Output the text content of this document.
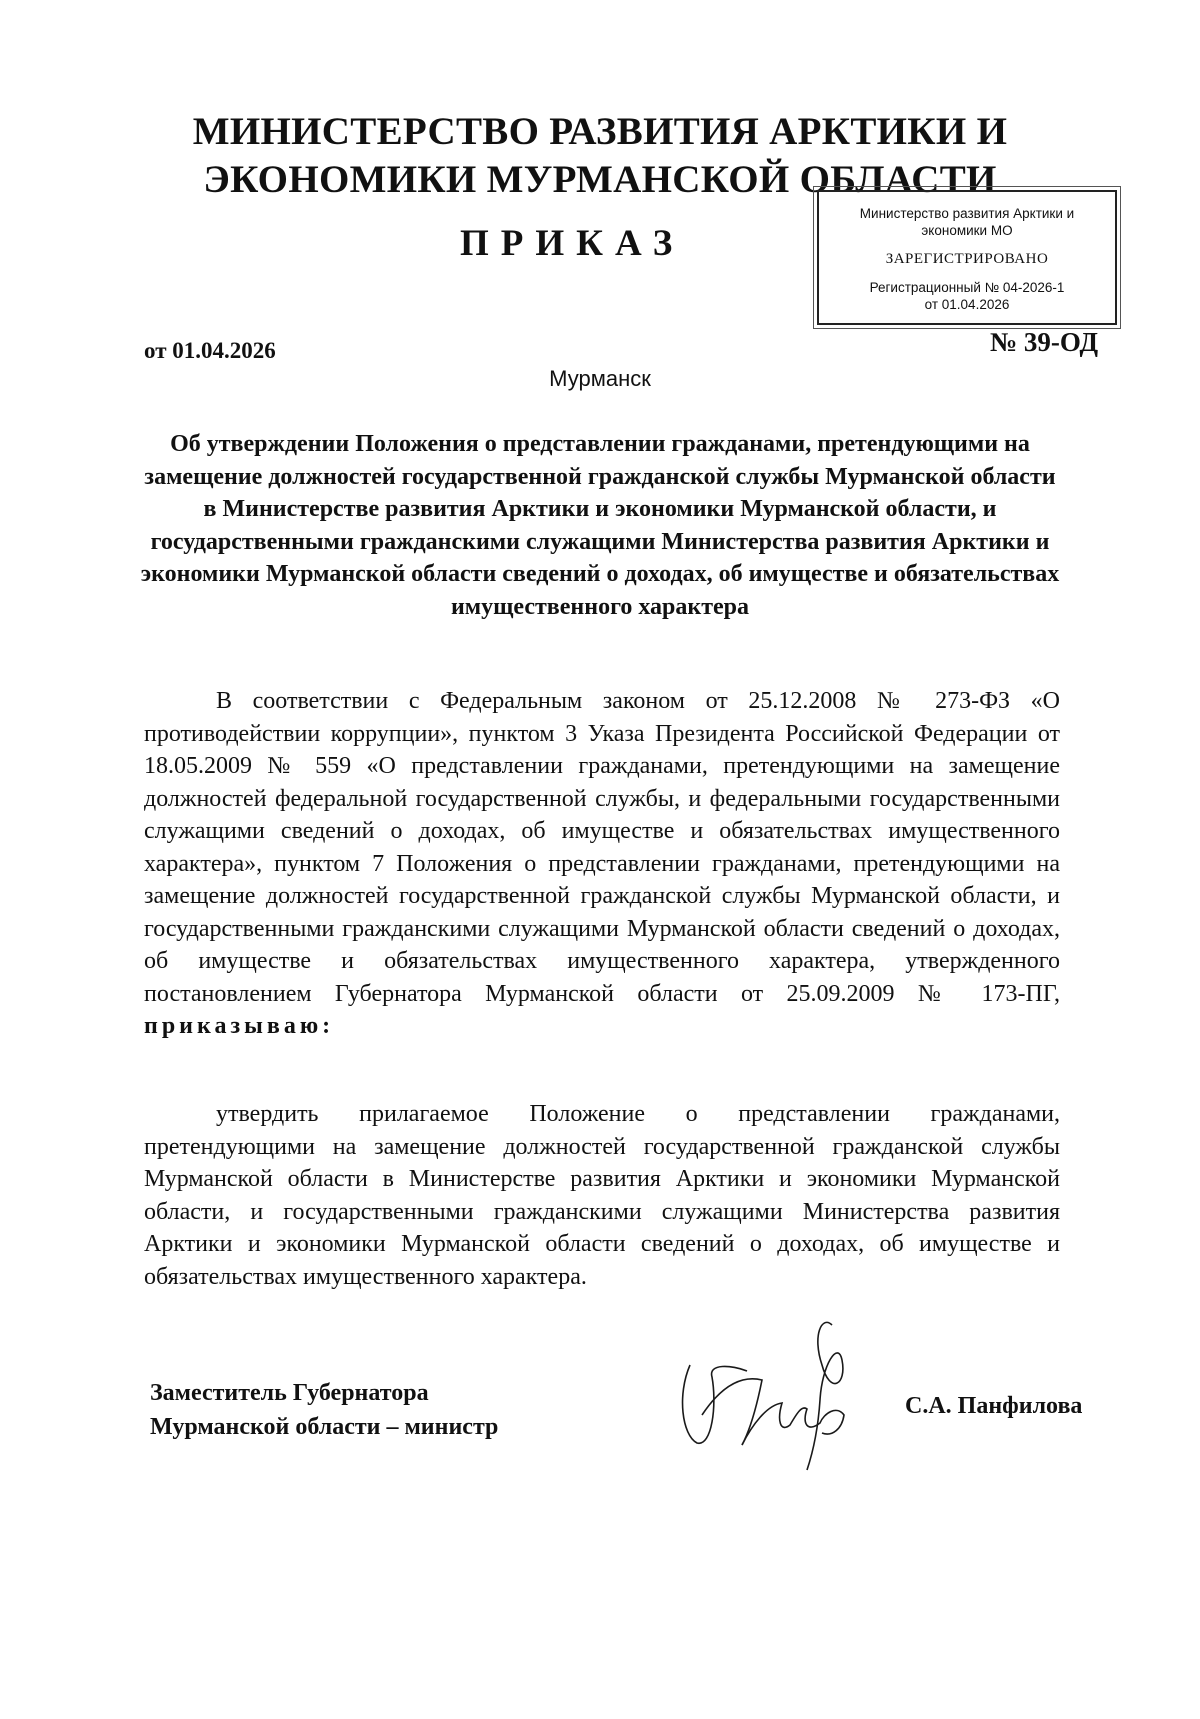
МИНИСТЕРСТВО РАЗВИТИЯ АРКТИКИ И
ЭКОНОМИКИ МУРМАНСКОЙ ОБЛАСТИ
ПРИКАЗ
Министерство развития Арктики и экономики МО
ЗАРЕГИСТРИРОВАНО
Регистрационный № 04-2026-1
от 01.04.2026
от 01.04.2026	№ 39-ОД
Мурманск
Об утверждении Положения о представлении гражданами, претендующими на замещение должностей государственной гражданской службы Мурманской области в Министерстве развития Арктики и экономики Мурманской области, и государственными гражданскими служащими Министерства развития Арктики и экономики Мурманской области сведений о доходах, об имуществе и обязательствах имущественного характера
В соответствии с Федеральным законом от 25.12.2008 № 273-ФЗ «О противодействии коррупции», пунктом 3 Указа Президента Российской Федерации от 18.05.2009 № 559 «О представлении гражданами, претендующими на замещение должностей федеральной государственной службы, и федеральными государственными служащими сведений о доходах, об имуществе и обязательствах имущественного характера», пунктом 7 Положения о представлении гражданами, претендующими на замещение должностей государственной гражданской службы Мурманской области, и государственными гражданскими служащими Мурманской области сведений о доходах, об имуществе и обязательствах имущественного характера, утвержденного постановлением Губернатора Мурманской области от 25.09.2009 № 173-ПГ, приказываю:
утвердить прилагаемое Положение о представлении гражданами, претендующими на замещение должностей государственной гражданской службы Мурманской области в Министерстве развития Арктики и экономики Мурманской области, и государственными гражданскими служащими Министерства развития Арктики и экономики Мурманской области сведений о доходах, об имуществе и обязательствах имущественного характера.
Заместитель Губернатора
Мурманской области – министр
С.А. Панфилова
